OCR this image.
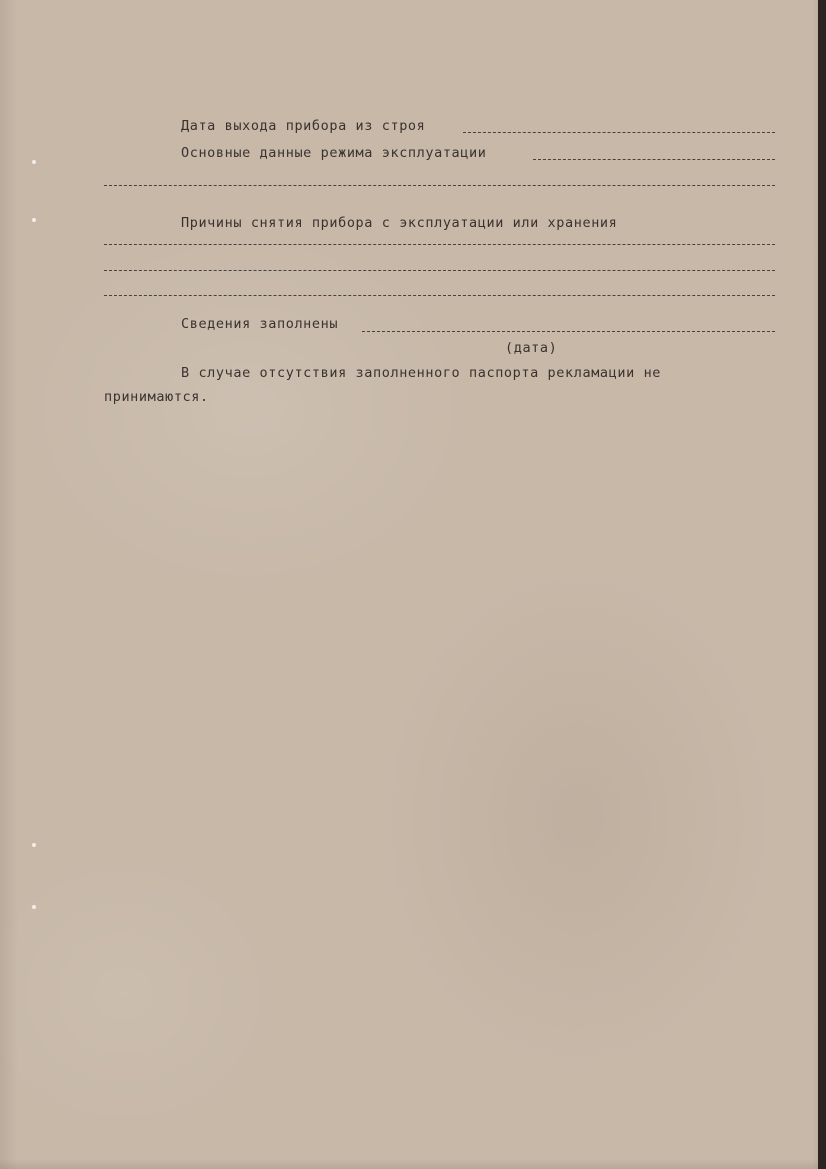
Дата выхода прибора из строя
Основные данные режима эксплуатации
Причины снятия прибора с эксплуатации или хранения
Сведения заполнены
(дата)
В случае отсутствия заполненного паспорта рекламации не
принимаются.
